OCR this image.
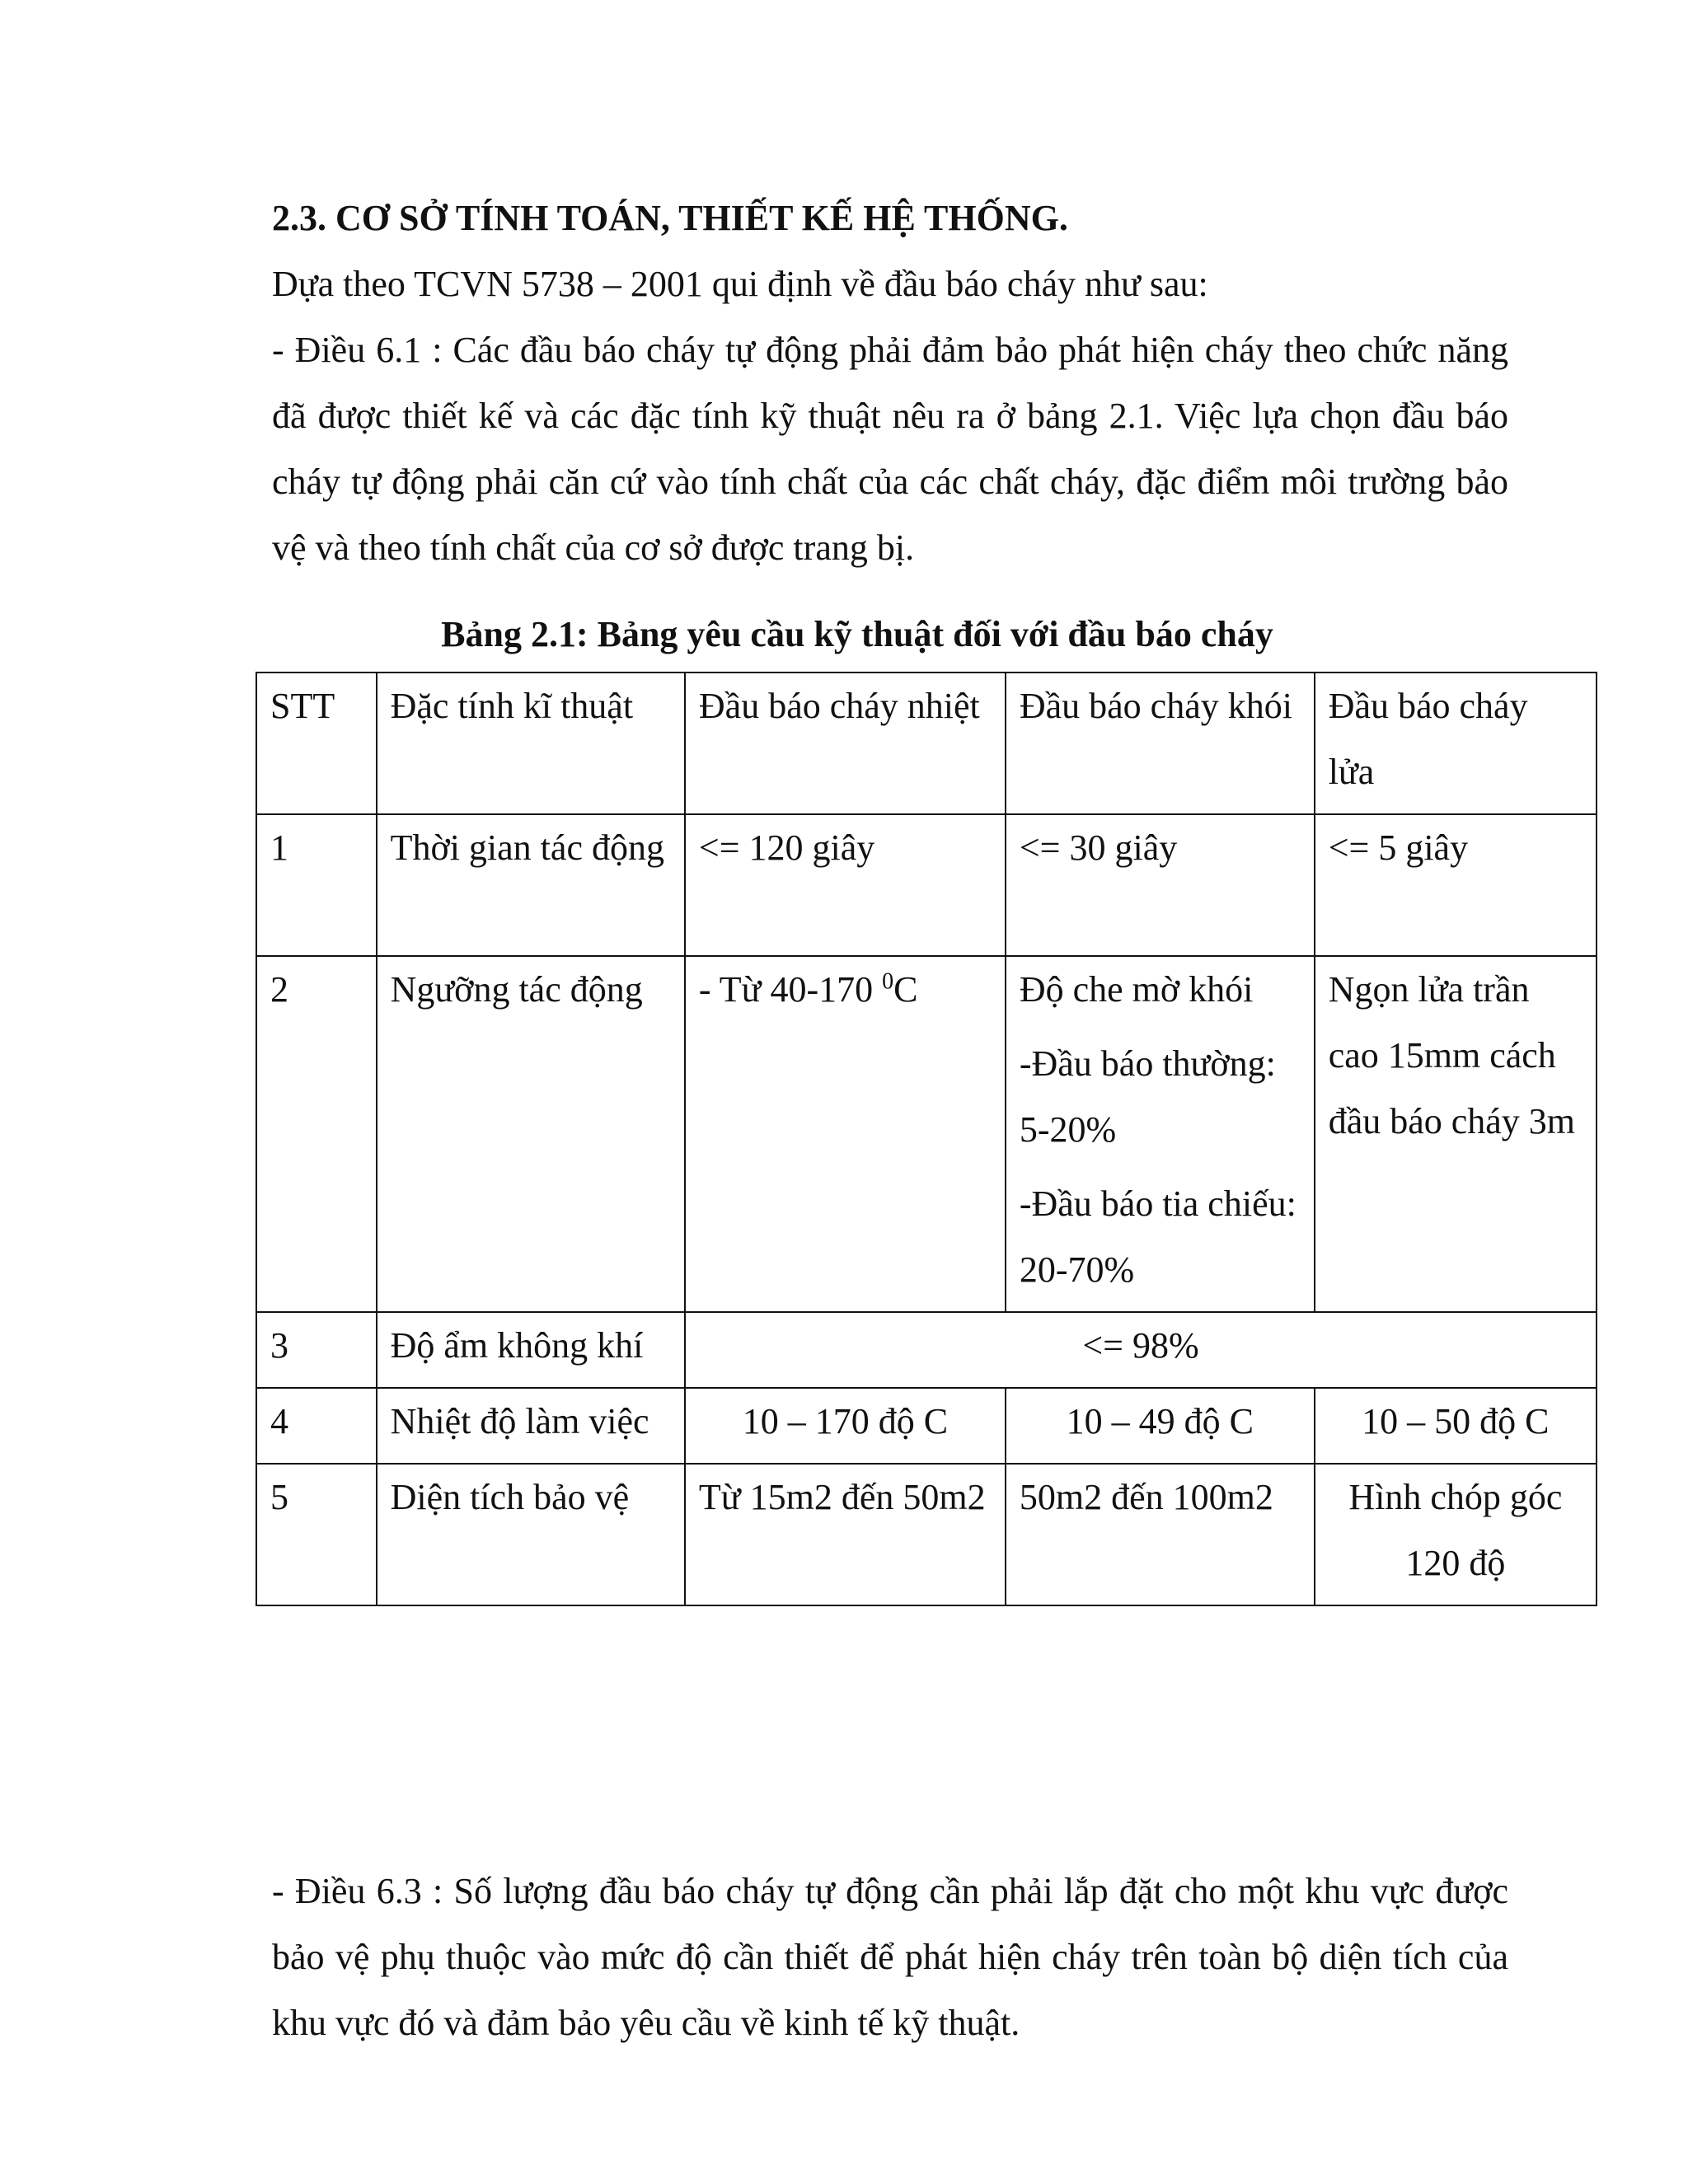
2.3. CƠ SỞ TÍNH TOÁN, THIẾT KẾ HỆ THỐNG.

Dựa theo TCVN 5738 – 2001 qui định về đầu báo cháy như sau:

- Điều 6.1 : Các đầu báo cháy tự động phải đảm bảo phát hiện cháy theo chức năng đã được thiết kế và các đặc tính kỹ thuật nêu ra ở bảng 2.1. Việc lựa chọn đầu báo cháy tự động phải căn cứ vào tính chất của các chất cháy, đặc điểm môi trường bảo vệ và theo tính chất của cơ sở được trang bị.

Bảng 2.1: Bảng yêu cầu kỹ thuật đối với đầu báo cháy
STT	Đặc tính kĩ thuật	Đầu báo cháy nhiệt	Đầu báo cháy khói	Đầu báo cháy lửa
1	Thời gian tác động	<= 120 giây	<= 30 giây	<= 5 giây
2	Ngưỡng tác động	- Từ 40-170 $^0$C	Độ che mờ khói
-Đầu báo thường: 5-20%
-Đầu báo tia chiếu: 20-70%	Ngọn lửa trần cao 15mm cách đầu báo cháy 3m
3	Độ ẩm không khí	<= 98%		
4	Nhiệt độ làm việc	10 – 170 độ C	10 – 49 độ C	10 – 50 độ C
5	Diện tích bảo vệ	Từ 15m2 đến 50m2	50m2 đến 100m2	Hình chóp góc 120 độ

- Điều 6.3 : Số lượng đầu báo cháy tự động cần phải lắp đặt cho một khu vực được bảo vệ phụ thuộc vào mức độ cần thiết để phát hiện cháy trên toàn bộ diện tích của khu vực đó và đảm bảo yêu cầu về kinh tế kỹ thuật.
